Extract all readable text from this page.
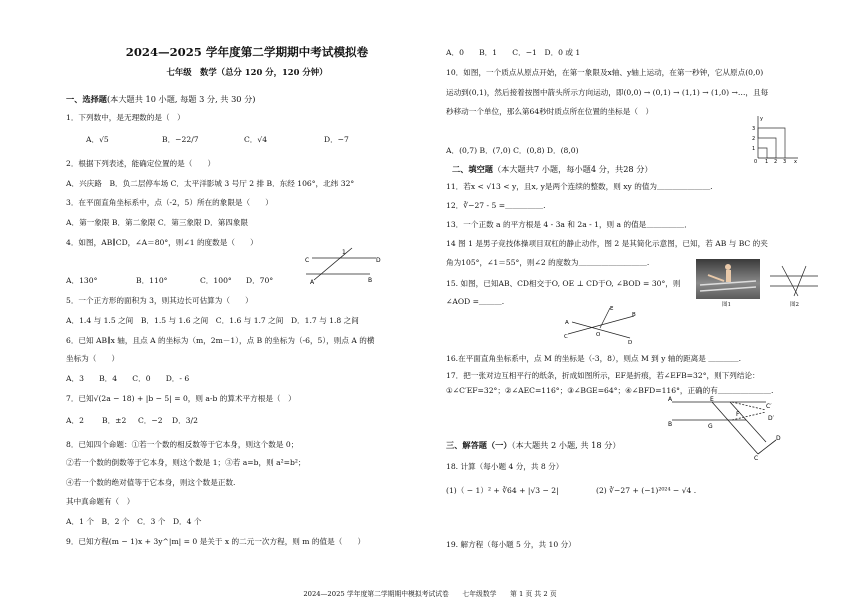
2024—2025 学年度第二学期期中考试模拟卷
七年级　数学（总分 120 分，120 分钟）
一、选择题(本大题共 10 小题, 每题 3 分, 共 30 分)
1．下列数中，是无理数的是（　）
A．√5	B．−22/7	C．√4	D．−7
2．根据下列表述，能确定位置的是（　　）
A．兴庆路　B．负二层停车场 C．太平洋影城 3 号厅 2 排 B．东经 106°，北纬 32°
3．在平面直角坐标系中，点（-2，5）所在的象限是（　　）
A．第一象限 B．第二象限 C．第三象限 D．第四象限
4．如图，AB∥CD，∠A＝80°，则∠1 的度数是（　　）
C
1
D
A	B
A．130°	B．110°	C．100° D．70°
5．一个正方形的面积为 3，则其边长可估算为（　　）
A．1.4 与 1.5 之间　B．1.5 与 1.6 之间　C．1.6 与 1.7 之间　D．1.7 与 1.8 之间
6．已知 AB∥x 轴，且点 A 的坐标为（m，2m－1），点 B 的坐标为（-6，5），则点 A 的横
坐标为（　　）
A．3　　B．4　　C．0　　D．- 6
7．已知√(2a − 18) + |b − 5| = 0，则 a-b 的算术平方根是（　）
A．2 B．±2 C．−2 D．3/2
8．已知四个命题：①若一个数的相反数等于它本身，则这个数是 0；
②若一个数的倒数等于它本身，则这个数是 1；③若 a=b，则 a²=b²；
④若一个数的绝对值等于它本身，则这个数是正数.
其中真命题有（　）
A．1 个　B．2 个　C．3 个　D．4 个
9．已知方程(m − 1)x + 3y^|m| = 0 是关于 x 的二元一次方程，则 m 的值是（　　）
A．0　　B．1　　C．−1　D．0 或 1
10．如图，一个质点从原点开始，在第一象限及x轴、y轴上运动，在第一秒钟，它从原点(0,0)
运动到(0,1)，然后接着按图中箭头所示方向运动，即(0,0) → (0,1) → (1,1) → (1,0) →…，且每
秒移动一个单位，那么第64秒时质点所在位置的坐标是（　）
y
3
2
1
0 1 2 3 x
A．(0,7) B．(7,0) C．(0,8) D．(8,0)
二、填空题（本大题共7 小题，每小题4 分，共28 分）
11．若x < √13 < y，且x, y是两个连续的整数，则 xy 的值为＿＿＿＿＿＿＿.
12．∛−27 - 5 =＿＿＿＿＿.
13．一个正数 a 的平方根是 4 - 3a 和 2a - 1，则 a 的值是＿＿＿＿＿．
14 图 1 是男子竞技体操项目双杠的静止动作，图 2 是其简化示意图，已知，若 AB 与 BC 的夹
角为105°，∠1＝55°，则∠2 的度数为＿＿＿＿＿＿＿＿＿.
图1	图2
15. 如图，已知AB、CD相交于O, OE ⊥ CD于O, ∠BOD = 30°，则
∠AOD =＿＿＿.
E
C
B
O
A
D
16.在平面直角坐标系中，点 M 的坐标是（-3，8），则点 M 到 y 轴的距离是 ＿＿＿＿.
17．把一张对边互相平行的纸条，折成如图所示，EF是折痕，若∠EFB=32°，则下列结论：
①∠C′EF=32°；②∠AEC=116°；③∠BGE=64°；④∠BFD=116°，正确的有＿＿＿＿＿＿＿.
A	E
C′
D′
B	G
F
D
C
三、解答题（一）（本大题共 2 小题, 共 18 分）
18. 计算（每小题 4 分，共 8 分）
(1)（ − 1）² + ∛64 + |√3 − 2|	(2) ∛−27 + (−1)²⁰²⁴ − √4 .
19. 解方程（每小题 5 分，共 10 分）
2024—2025 学年度第二学期期中模拟考试试卷　　七年级数学　　第 1 页 共 2 页
